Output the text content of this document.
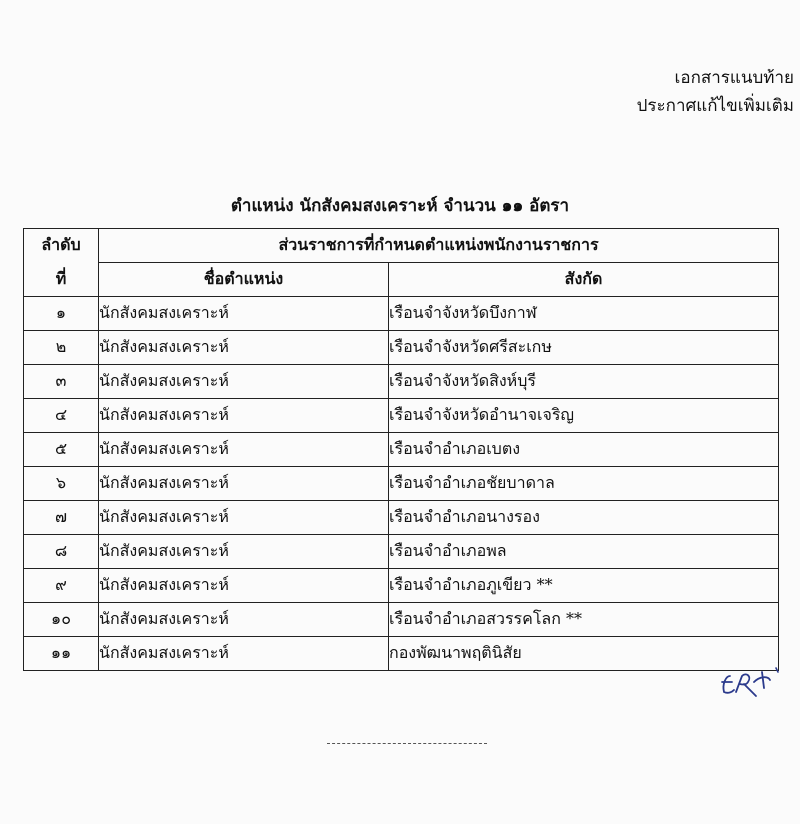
เอกสารแนบท้าย
ประกาศแก้ไขเพิ่มเติม
ตำแหน่ง นักสังคมสงเคราะห์ จำนวน ๑๑ อัตรา
ลำดับ	ส่วนราชการที่กำหนดตำแหน่งพนักงานราชการ	
ที่	ชื่อตำแหน่ง	สังกัด
๑	นักสังคมสงเคราะห์	เรือนจำจังหวัดบึงกาฬ
๒	นักสังคมสงเคราะห์	เรือนจำจังหวัดศรีสะเกษ
๓	นักสังคมสงเคราะห์	เรือนจำจังหวัดสิงห์บุรี
๔	นักสังคมสงเคราะห์	เรือนจำจังหวัดอำนาจเจริญ
๕	นักสังคมสงเคราะห์	เรือนจำอำเภอเบตง
๖	นักสังคมสงเคราะห์	เรือนจำอำเภอชัยบาดาล
๗	นักสังคมสงเคราะห์	เรือนจำอำเภอนางรอง
๘	นักสังคมสงเคราะห์	เรือนจำอำเภอพล
๙	นักสังคมสงเคราะห์	เรือนจำอำเภอภูเขียว **
๑๐	นักสังคมสงเคราะห์	เรือนจำอำเภอสวรรคโลก **
๑๑	นักสังคมสงเคราะห์	กองพัฒนาพฤตินิสัย
